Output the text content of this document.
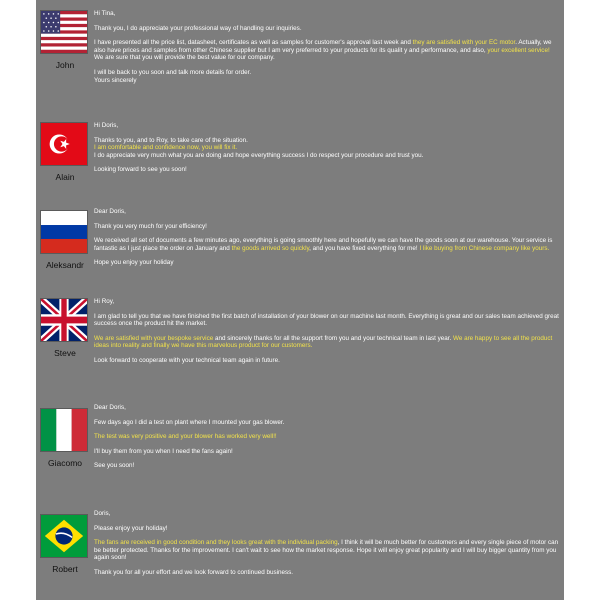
John

Hi Tina,

Thank you, I do appreciate your professional way of handling our inquiries.

I have presented all the price list, datasheet, certificates as well as samples for customer's approval last week and they are satisfied with your EC motor. Actually, we also have prices and samples from other Chinese supplier but I am very preferred to your products for its qualit y and performance, and also, your excellent service! We are sure that you will provide the best value for our company.

I will be back to you soon and talk more details for order.

Yours sincerely

Alain

Hi Doris,

Thanks to you, and to Roy, to take care of the situation.

I am comfortable and confidence now, you will fix it.

I do appreciate very much what you are doing and hope everything success I do respect your procedure and trust you.

Looking forward to see you soon!

Aleksandr

Dear Doris,

Thank you very much for your efficiency!

We received all set of documents a few minutes ago, everything is going smoothly here and hopefully we can have the goods soon at our warehouse. Your service is fantastic as I just place the order on January and the goods arrived so quickly, and you have fixed everything for me! I like buying from Chinese company like yours.

Hope you enjoy your holiday

Steve

Hi Roy,

I am glad to tell you that we have finished the first batch of installation of your blower on our machine last month. Everything is great and our sales team achieved great success once the product hit the market.

We are satisfied with your bespoke service and sincerely thanks for all the support from you and your technical team in last year. We are happy to see all the product ideas into reality and finally we have this marvelous product for our customers.

Look forward to cooperate with your technical team again in future.

Giacomo

Dear Doris,

Few days ago I did a test on plant where I mounted your gas blower.

The test was very positive and your blower has worked very well!!

I'll buy them from you when I need the fans again!

See you soon!

Robert

Doris,

Please enjoy your holiday!

The fans are received in good condition and they looks great with the individual packing, I think it will be much better for customers and every single piece of motor can be better protected. Thanks for the improvement. I can't wait to see how the market response. Hope it will enjoy great popularity and I will buy bigger quantity from you again soon!

Thank you for all your effort and we look forward to continued business.
